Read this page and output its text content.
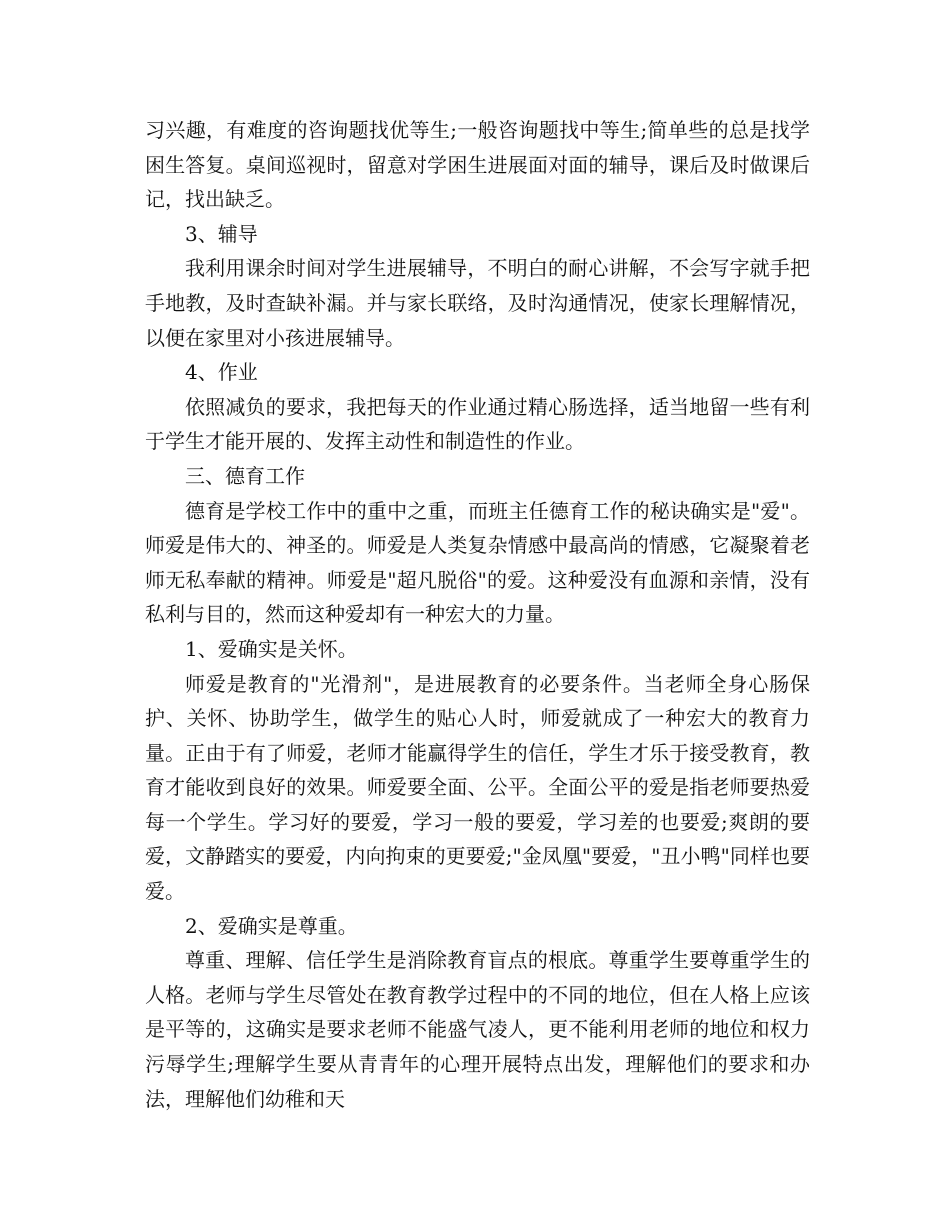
习兴趣，有难度的咨询题找优等生;一般咨询题找中等生;简单些的总是找学困生答复。桌间巡视时，留意对学困生进展面对面的辅导，课后及时做课后记，找出缺乏。

3、辅导

我利用课余时间对学生进展辅导，不明白的耐心讲解，不会写字就手把手地教，及时查缺补漏。并与家长联络，及时沟通情况，使家长理解情况，以便在家里对小孩进展辅导。

4、作业

依照减负的要求，我把每天的作业通过精心肠选择，适当地留一些有利于学生才能开展的、发挥主动性和制造性的作业。

三、德育工作

德育是学校工作中的重中之重，而班主任德育工作的秘诀确实是"爱"。师爱是伟大的、神圣的。师爱是人类复杂情感中最高尚的情感，它凝聚着老师无私奉献的精神。师爱是"超凡脱俗"的爱。这种爱没有血源和亲情，没有私利与目的，然而这种爱却有一种宏大的力量。

1、爱确实是关怀。

师爱是教育的"光滑剂"，是进展教育的必要条件。当老师全身心肠保护、关怀、协助学生，做学生的贴心人时，师爱就成了一种宏大的教育力量。正由于有了师爱，老师才能赢得学生的信任，学生才乐于接受教育，教育才能收到良好的效果。师爱要全面、公平。全面公平的爱是指老师要热爱每一个学生。学习好的要爱，学习一般的要爱，学习差的也要爱;爽朗的要爱，文静踏实的要爱，内向拘束的更要爱;"金凤凰"要爱，"丑小鸭"同样也要爱。

2、爱确实是尊重。

尊重、理解、信任学生是消除教育盲点的根底。尊重学生要尊重学生的人格。老师与学生尽管处在教育教学过程中的不同的地位，但在人格上应该是平等的，这确实是要求老师不能盛气凌人，更不能利用老师的地位和权力污辱学生;理解学生要从青青年的心理开展特点出发，理解他们的要求和办法，理解他们幼稚和天
